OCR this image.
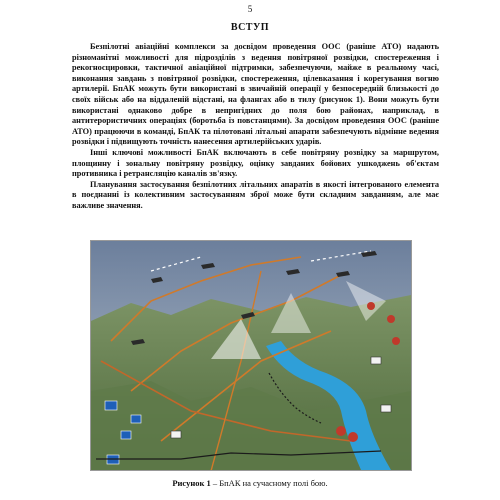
5
ВСТУП

Безпілотні авіаційні комплекси за досвідом проведення ООС (раніше АТО) надають різноманітні можливості для підрозділів з ведення повітряної розвідки, спостереження і рекогносцировки, тактичної авіаційної підтримки, забезпечуючи, майже в реальному часі, виконання завдань з повітряної розвідки, спостереження, цілевказання і корегування вогню артилерії. БпАК можуть бути використані в звичайній операції у безпосередній близькості до своїх військ або на віддаленій відстані, на флангах або в тилу (рисунок 1). Вони можуть бути використані однаково добре в непригідних до поля бою районах, наприклад, в антитерористичних операціях (боротьба із повстанцями). За досвідом проведення ООС (раніше АТО) працюючи в команді, БпАК та пілотовані літальні апарати забезпечують відмінне ведення розвідки і підвищують точність нанесення артилерійських ударів.

Інші ключові можливості БпАК включають в себе повітряну розвідку за маршрутом, площинну і зональну повітряну розвідку, оцінку завданих бойових ушкоджень об'єктам противника і ретрансляцію каналів зв'язку.

Планування застосування безпілотних літальних апаратів в якості інтегрованого елемента в поєднанні із колективним застосуванням зброї може бути складним завданням, але має важливе значення.

Рисунок 1 – БпАК на сучасному полі бою.
